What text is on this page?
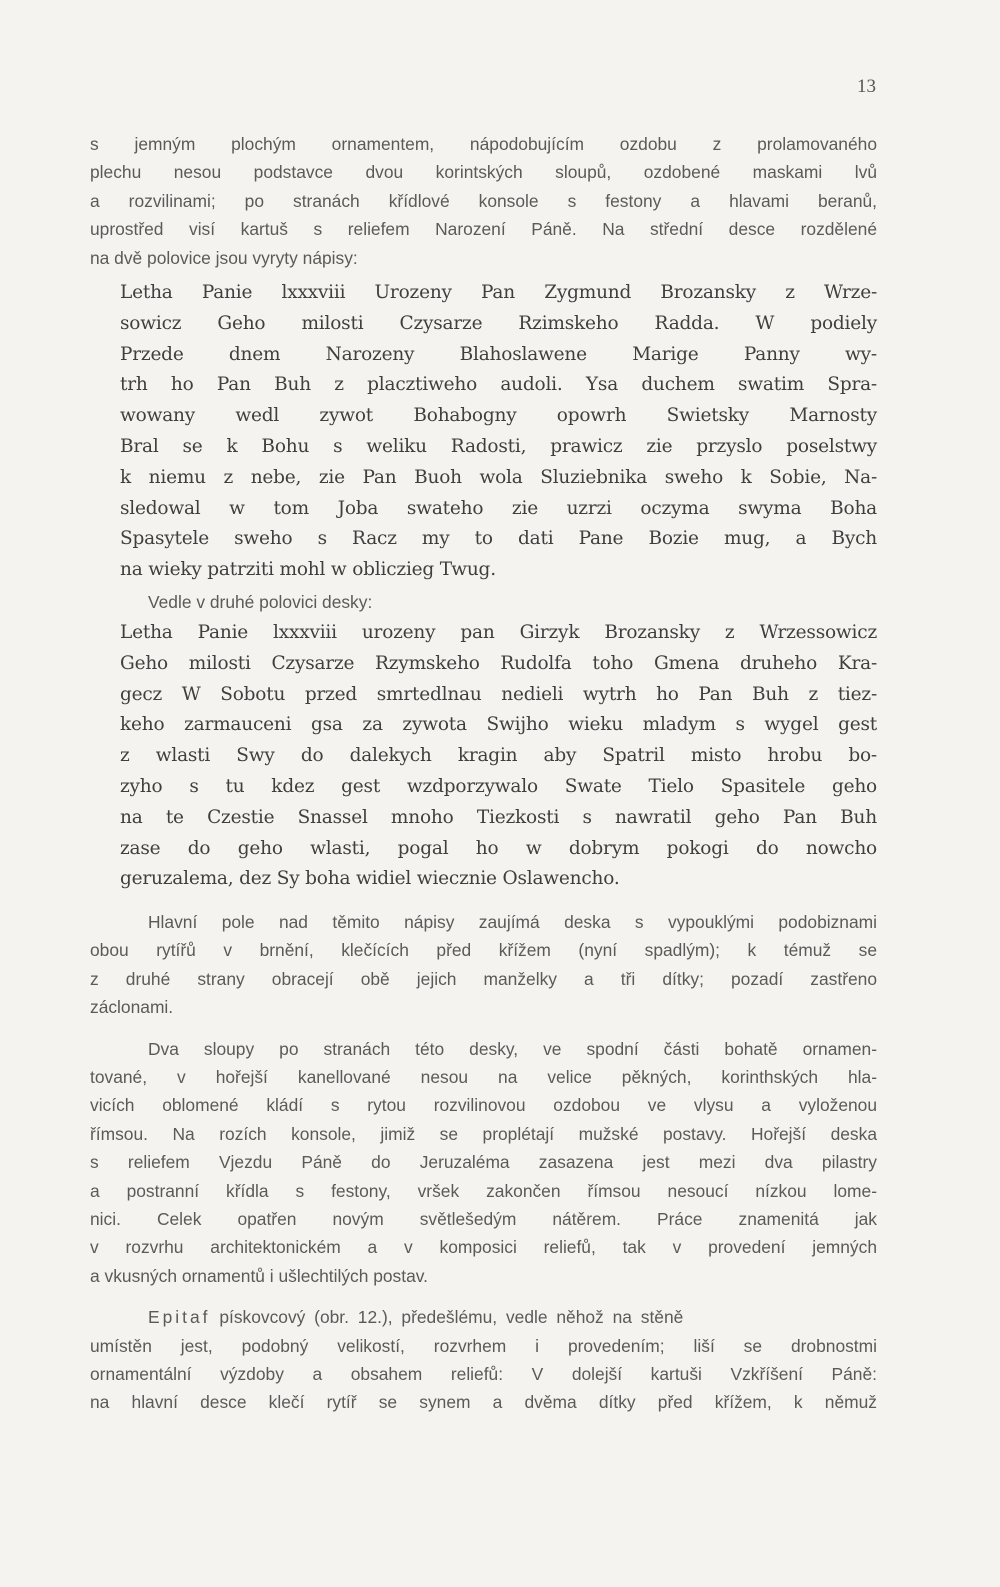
13
s jemným plochým ornamentem, nápodobujícím ozdobu z prolamovaného
plechu nesou podstavce dvou korintských sloupů, ozdobené maskami lvů
a rozvilinami; po stranách křídlové konsole s festony a hlavami beranů,
uprostřed visí kartuš s reliefem Narození Páně. Na střední desce rozdělené
na dvě polovice jsou vyryty nápisy:
Letha Panie lxxxviii Urozeny Pan Zygmund Brozansky z Wrze-
sowicz Geho milosti Czysarze Rzimskeho Radda. W podiely
Przede dnem Narozeny Blahoslawene Marige Panny wy-
trh ho Pan Buh z placztiweho audoli. Ysa duchem swatim Spra-
wowany wedl zywot Bohabogny opowrh Swietsky Marnosty
Bral se k Bohu s weliku Radosti, prawicz zie przyslo poselstwy
k niemu z nebe, zie Pan Buoh wola Sluziebnika sweho k Sobie, Na-
sledowal w tom Joba swateho zie uzrzi oczyma swyma Boha
Spasytele sweho s Racz my to dati Pane Bozie mug, a Bych
na wieky patrziti mohl w obliczieg Twug.
Vedle v druhé polovici desky:
Letha Panie lxxxviii urozeny pan Girzyk Brozansky z Wrzessowicz
Geho milosti Czysarze Rzymskeho Rudolfa toho Gmena druheho Kra-
gecz W Sobotu przed smrtedlnau nedieli wytrh ho Pan Buh z tiez-
keho zarmauceni gsa za zywota Swijho wieku mladym s wygel gest
z wlasti Swy do dalekych kragin aby Spatril misto hrobu bo-
zyho s tu kdez gest wzdporzywalo Swate Tielo Spasitele geho
na te Czestie Snassel mnoho Tiezkosti s nawratil geho Pan Buh
zase do geho wlasti, pogal ho w dobrym pokogi do nowcho
geruzalema, dez Sy boha widiel wiecznie Oslawencho.
Hlavní pole nad těmito nápisy zaujímá deska s vypouklými podobiznami
obou rytířů v brnění, klečících před křížem (nyní spadlým); k témuž se
z druhé strany obracejí obě jejich manželky a tři dítky; pozadí zastřeno
záclonami.
Dva sloupy po stranách této desky, ve spodní části bohatě ornamen-
tované, v hořejší kanellované nesou na velice pěkných, korinthských hla-
vicích oblomené kládí s rytou rozvilinovou ozdobou ve vlysu a vyloženou
římsou. Na rozích konsole, jimiž se proplétají mužské postavy. Hořejší deska
s reliefem Vjezdu Páně do Jeruzaléma zasazena jest mezi dva pilastry
a postranní křídla s festony, vršek zakončen římsou nesoucí nízkou lome-
nici. Celek opatřen novým světlešedým nátěrem. Práce znamenitá jak
v rozvrhu architektonickém a v komposici reliefů, tak v provedení jemných
a vkusných ornamentů i ušlechtilých postav.
Epitaf pískovcový (obr. 12.), předešlému, vedle něhož na stěně
umístěn jest, podobný velikostí, rozvrhem i provedením; liší se drobnostmi
ornamentální výzdoby a obsahem reliefů: V dolejší kartuši Vzkříšení Páně:
na hlavní desce klečí rytíř se synem a dvěma dítky před křížem, k němuž
